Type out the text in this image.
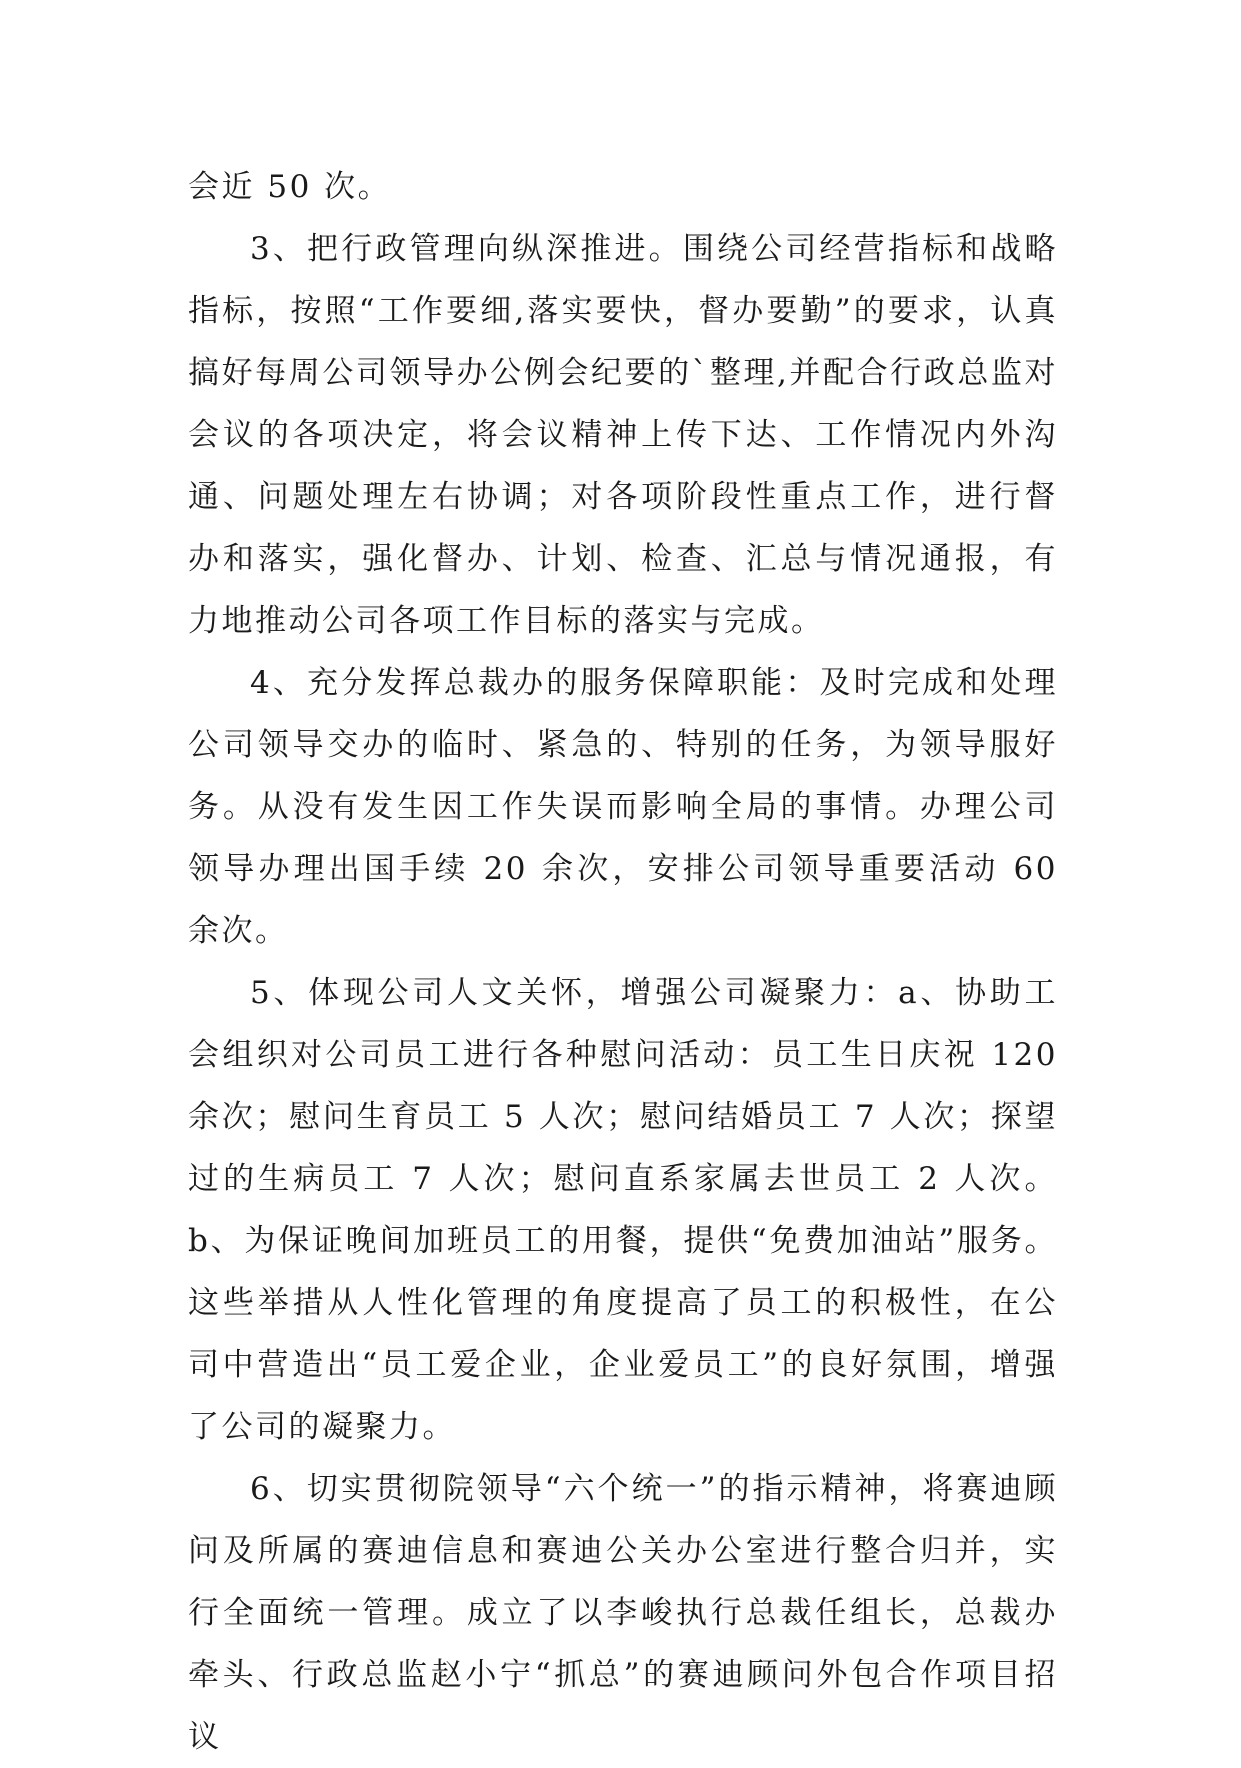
会近 50 次。

3、把行政管理向纵深推进。围绕公司经营指标和战略指标，按照“工作要细,落实要快，督办要勤”的要求，认真搞好每周公司领导办公例会纪要的`整理,并配合行政总监对会议的各项决定，将会议精神上传下达、工作情况内外沟通、问题处理左右协调；对各项阶段性重点工作，进行督办和落实，强化督办、计划、检查、汇总与情况通报，有力地推动公司各项工作目标的落实与完成。

4、充分发挥总裁办的服务保障职能：及时完成和处理公司领导交办的临时、紧急的、特别的任务，为领导服好务。从没有发生因工作失误而影响全局的事情。办理公司领导办理出国手续 20 余次，安排公司领导重要活动 60 余次。

5、体现公司人文关怀，增强公司凝聚力：a、协助工会组织对公司员工进行各种慰问活动：员工生日庆祝 120 余次；慰问生育员工 5 人次；慰问结婚员工 7 人次；探望过的生病员工 7 人次；慰问直系家属去世员工 2 人次。b、为保证晚间加班员工的用餐，提供“免费加油站”服务。这些举措从人性化管理的角度提高了员工的积极性，在公司中营造出“员工爱企业，企业爱员工”的良好氛围，增强了公司的凝聚力。

6、切实贯彻院领导“六个统一”的指示精神，将赛迪顾问及所属的赛迪信息和赛迪公关办公室进行整合归并，实行全面统一管理。成立了以李峻执行总裁任组长，总裁办牵头、行政总监赵小宁“抓总”的赛迪顾问外包合作项目招议
